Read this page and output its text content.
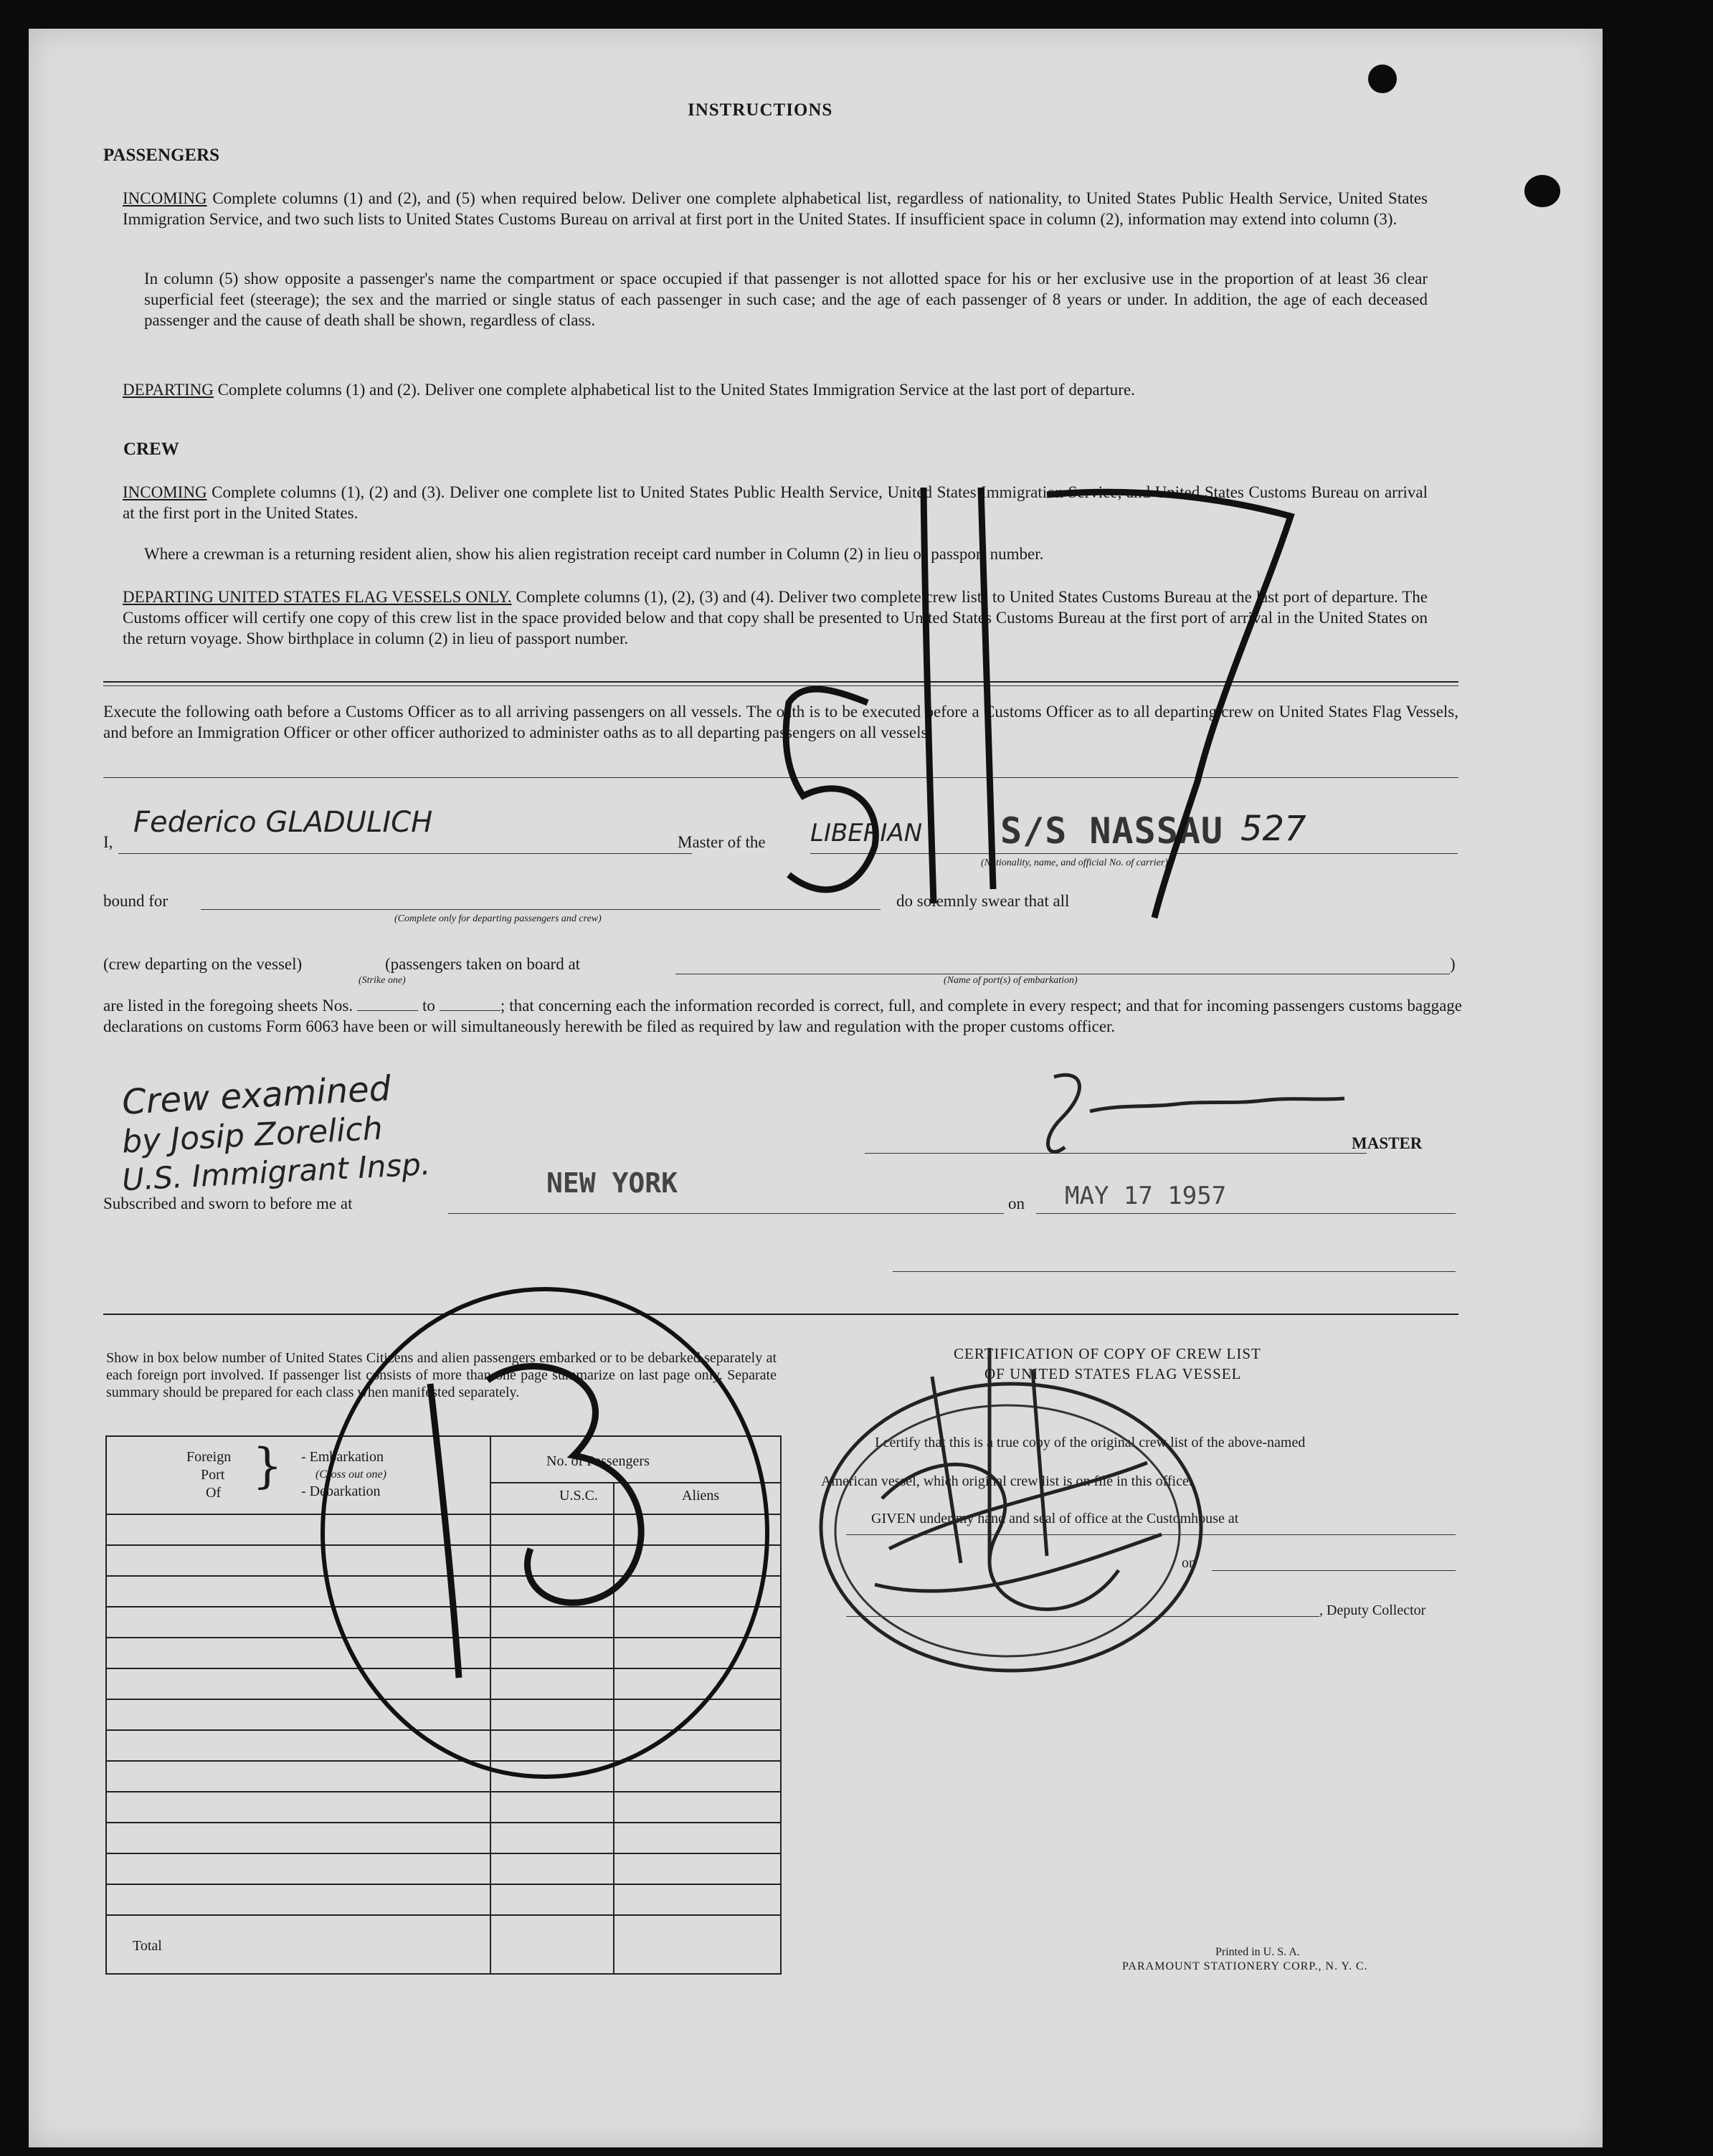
INSTRUCTIONS
PASSENGERS
INCOMING Complete columns (1) and (2), and (5) when required below. Deliver one complete alphabetical list, regardless of nationality, to United States Public Health Service, United States Immigration Service, and two such lists to United States Customs Bureau on arrival at first port in the United States. If insufficient space in column (2), information may extend into column (3).
In column (5) show opposite a passenger's name the compartment or space occupied if that passenger is not allotted space for his or her exclusive use in the proportion of at least 36 clear superficial feet (steerage); the sex and the married or single status of each passenger in such case; and the age of each passenger of 8 years or under. In addition, the age of each deceased passenger and the cause of death shall be shown, regardless of class.
DEPARTING Complete columns (1) and (2). Deliver one complete alphabetical list to the United States Immigration Service at the last port of departure.
CREW
INCOMING Complete columns (1), (2) and (3). Deliver one complete list to United States Public Health Service, United States Immigration Service, and United States Customs Bureau on arrival at the first port in the United States.
Where a crewman is a returning resident alien, show his alien registration receipt card number in Column (2) in lieu of passport number.
DEPARTING UNITED STATES FLAG VESSELS ONLY. Complete columns (1), (2), (3) and (4). Deliver two complete crew lists to United States Customs Bureau at the last port of departure. The Customs officer will certify one copy of this crew list in the space provided below and that copy shall be presented to United States Customs Bureau at the first port of arrival in the United States on the return voyage. Show birthplace in column (2) in lieu of passport number.
Execute the following oath before a Customs Officer as to all arriving passengers on all vessels. The oath is to be executed before a Customs Officer as to all departing crew on United States Flag Vessels, and before an Immigration Officer or other officer authorized to administer oaths as to all departing passengers on all vessels.
I,
Federico GLADULICH
Master of the LIBERIAN S/S NASSAU 527
(Nationality, name, and official No. of carrier)
bound for
(Complete only for departing passengers and crew)
do solemnly swear that all
(crew departing on the vessel)	(passengers taken on board at	)
(Strike one)	(Name of port(s) of embarkation)
are listed in the foregoing sheets Nos.	to	; that concerning each the information recorded is correct, full, and complete in every respect; and that for incoming passengers customs baggage declarations on customs Form 6063 have been or will simultaneously herewith be filed as required by law and regulation with the proper customs officer.
Crew examined
by Josip Zorelich
U.S. Immigrant Insp.
MASTER
Subscribed and sworn to before me at
NEW YORK
on MAY 17 1957
Show in box below number of United States Citizens and alien passengers embarked or to be debarked separately at each foreign port involved. If passenger list consists of more than one page summarize on last page only. Separate summary should be prepared for each class when manifested separately.
Foreign
Port
Of } - Embarkation
(Cross out one)
- Debarkation
No. of Passengers
U.S.C.	Aliens
Total
CERTIFICATION OF COPY OF CREW LIST
OF UNITED STATES FLAG VESSEL
I certify that this is a true copy of the original crew list of the above-named
American vessel, which original crew list is on file in this office.
GIVEN under my hand and seal of office at the Customhouse at
on
, Deputy Collector
Printed in U. S. A.
PARAMOUNT STATIONERY CORP., N. Y. C.
